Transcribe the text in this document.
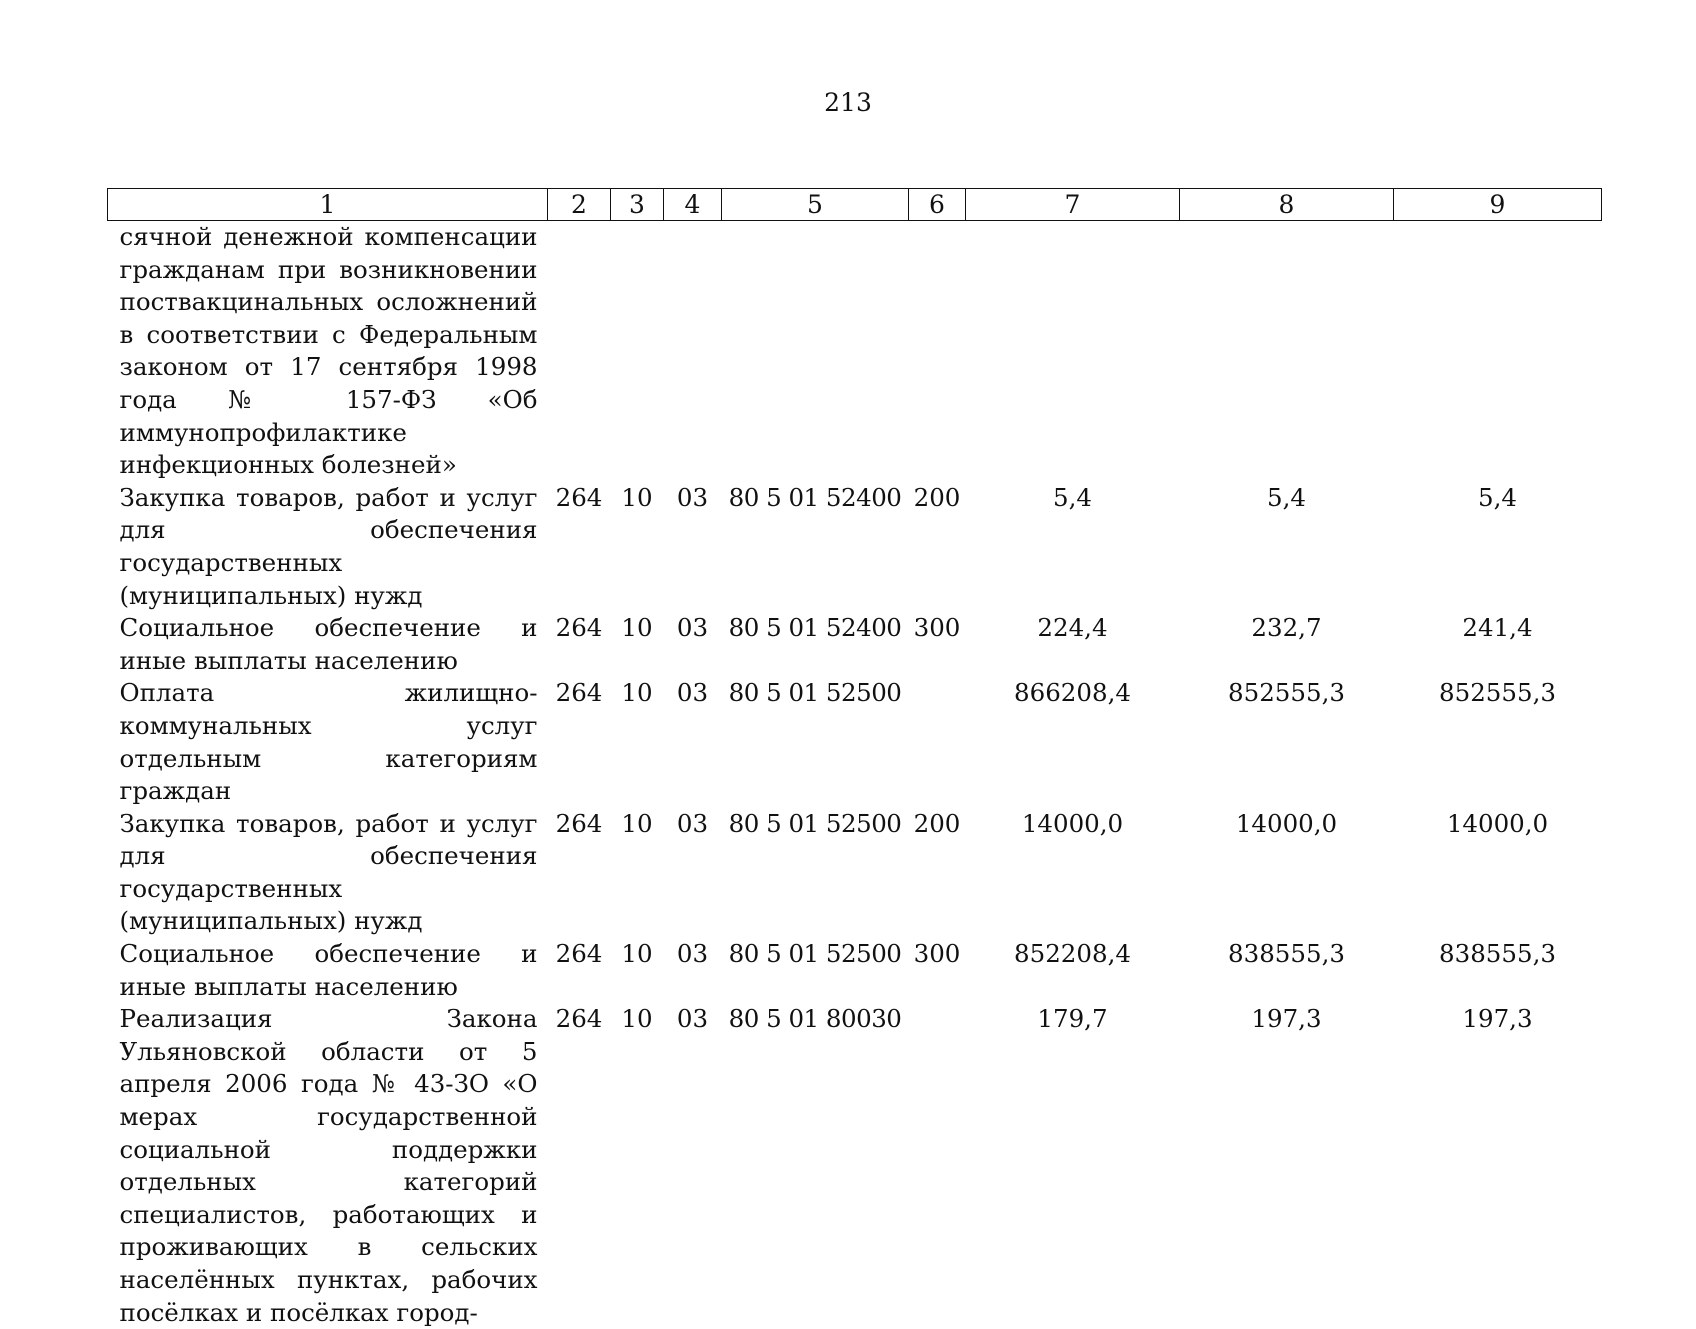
213
1	2	3	4	5	6	7	8	9
сячной денежной компенсации гражданам при возникновении поствакцинальных осложнений в соответствии с Федеральным законом от 17 сентября 1998 года № 157-ФЗ «Об иммунопрофилактике инфекционных болезней»								
Закупка товаров, работ и услуг для обеспечения государственных (муниципальных) нужд	264	10	03	80 5 01 52400	200	5,4	5,4	5,4
Социальное обеспечение и иные выплаты населению	264	10	03	80 5 01 52400	300	224,4	232,7	241,4
Оплата жилищно-коммунальных услуг отдельным категориям граждан	264	10	03	80 5 01 52500		866208,4	852555,3	852555,3
Закупка товаров, работ и услуг для обеспечения государственных (муниципальных) нужд	264	10	03	80 5 01 52500	200	14000,0	14000,0	14000,0
Социальное обеспечение и иные выплаты населению	264	10	03	80 5 01 52500	300	852208,4	838555,3	838555,3
Реализация Закона Ульяновской области от 5 апреля 2006 года № 43-ЗО «О мерах государственной социальной поддержки отдельных категорий специалистов, работающих и проживающих в сельских населённых пунктах, рабочих посёлках и посёлках город-	264	10	03	80 5 01 80030		179,7	197,3	197,3
